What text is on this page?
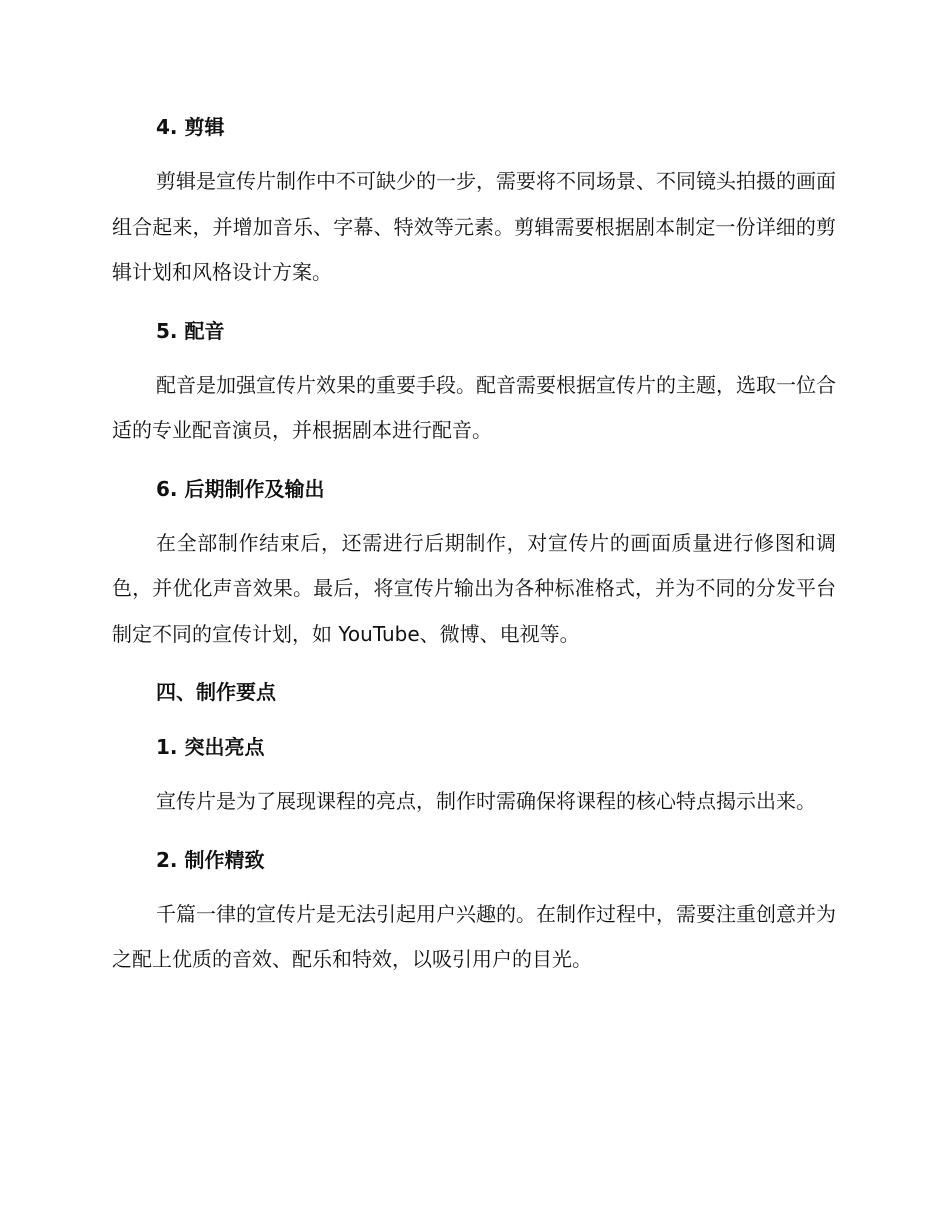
4. 剪辑

剪辑是宣传片制作中不可缺少的一步，需要将不同场景、不同镜头拍摄的画面组合起来，并增加音乐、字幕、特效等元素。剪辑需要根据剧本制定一份详细的剪辑计划和风格设计方案。

5. 配音

配音是加强宣传片效果的重要手段。配音需要根据宣传片的主题，选取一位合适的专业配音演员，并根据剧本进行配音。

6. 后期制作及输出

在全部制作结束后，还需进行后期制作，对宣传片的画面质量进行修图和调色，并优化声音效果。最后，将宣传片输出为各种标准格式，并为不同的分发平台制定不同的宣传计划，如 YouTube、微博、电视等。

四、制作要点
1. 突出亮点

宣传片是为了展现课程的亮点，制作时需确保将课程的核心特点揭示出来。

2. 制作精致

千篇一律的宣传片是无法引起用户兴趣的。在制作过程中，需要注重创意并为之配上优质的音效、配乐和特效，以吸引用户的目光。
